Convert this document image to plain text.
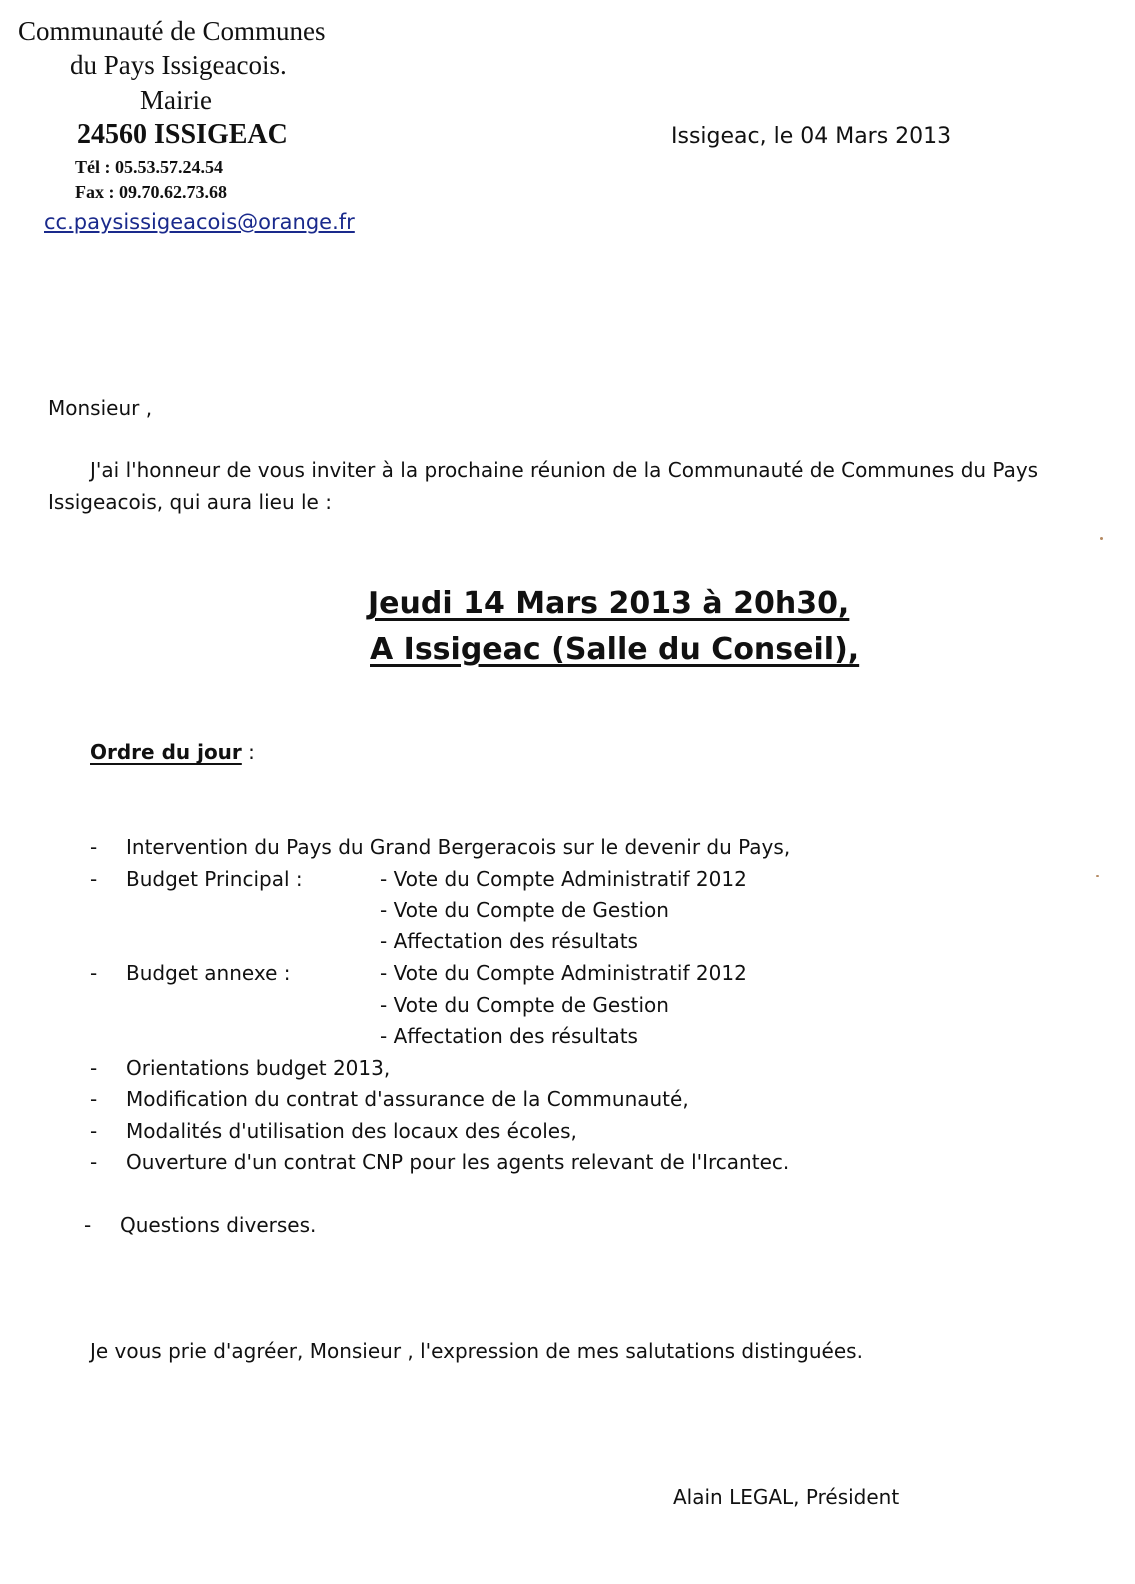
Communauté de Communes
du Pays Issigeacois.
Mairie
24560 ISSIGEAC
Tél : 05.53.57.24.54
Fax : 09.70.62.73.68
cc.paysissigeacois@orange.fr
Issigeac, le 04 Mars 2013
Monsieur ,
J'ai l'honneur de vous inviter à la prochaine réunion de la Communauté de Communes du Pays
Issigeacois, qui aura lieu le :
Jeudi 14 Mars 2013 à 20h30,
A Issigeac (Salle du Conseil),
Ordre du jour :
- Intervention du Pays du Grand Bergeracois sur le devenir du Pays,
- Budget Principal :	- Vote du Compte Administratif 2012
- Vote du Compte de Gestion
- Affectation des résultats
- Budget annexe :	- Vote du Compte Administratif 2012
- Vote du Compte de Gestion
- Affectation des résultats
- Orientations budget 2013,
- Modification du contrat d'assurance de la Communauté,
- Modalités d'utilisation des locaux des écoles,
- Ouverture d'un contrat CNP pour les agents relevant de l'Ircantec.
- Questions diverses.
Je vous prie d'agréer, Monsieur , l'expression de mes salutations distinguées.
Alain LEGAL, Président
